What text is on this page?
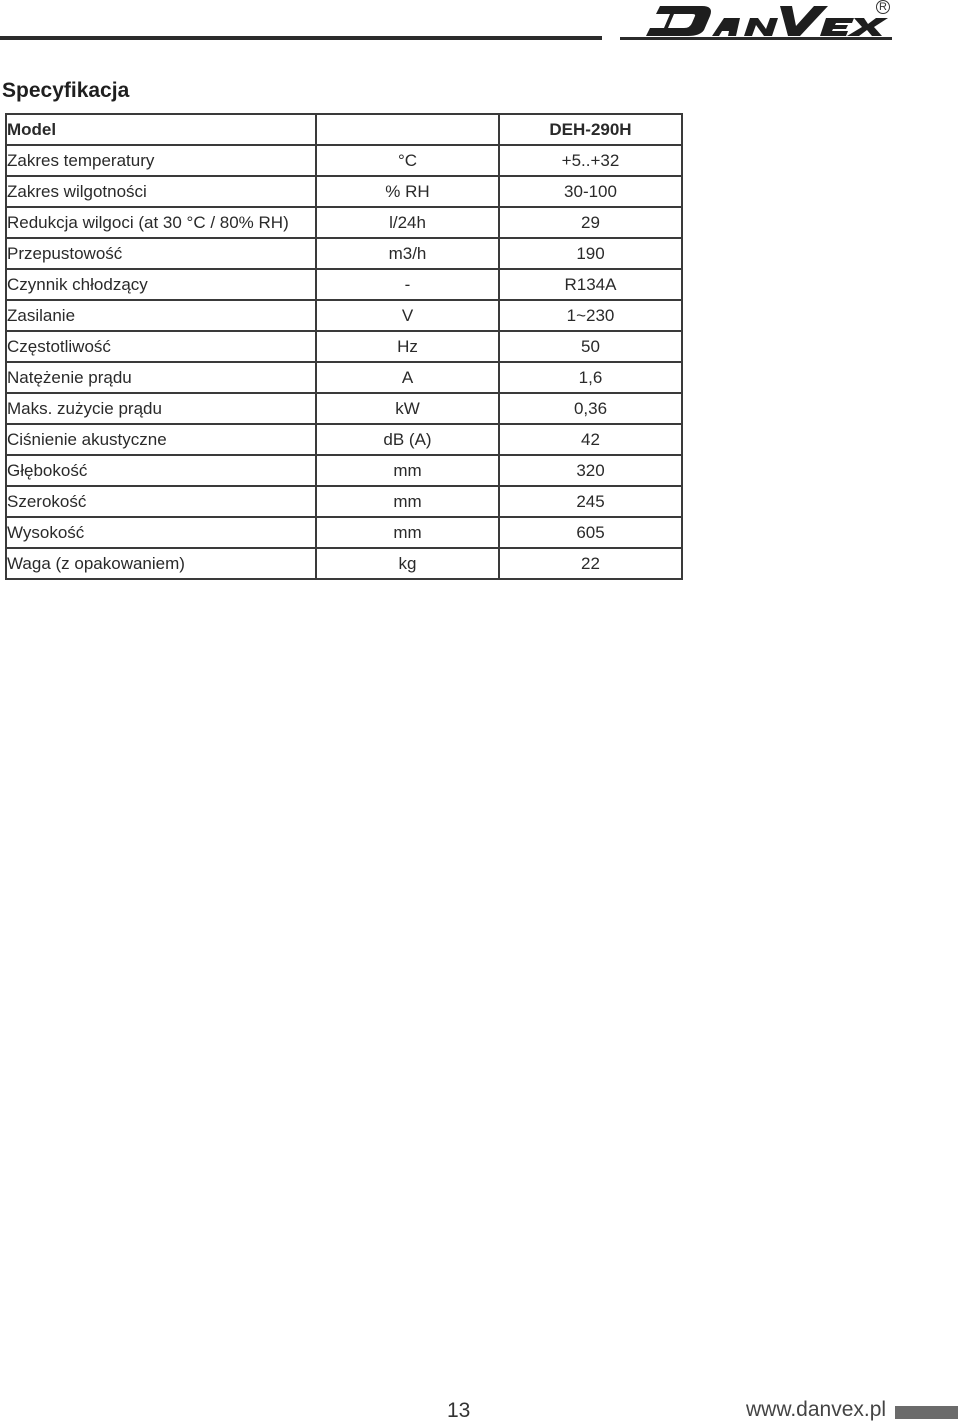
R
Specyfikacja
Model		DEH-290H
Zakres temperatury	°C	+5..+32
Zakres wilgotności	% RH	30-100
Redukcja wilgoci (at 30 °C / 80% RH)	l/24h	29
Przepustowość	m3/h	190
Czynnik chłodzący	-	R134A
Zasilanie	V	1~230
Częstotliwość	Hz	50
Natężenie prądu	A	1,6
Maks. zużycie prądu	kW	0,36
Ciśnienie akustyczne	dB (A)	42
Głębokość	mm	320
Szerokość	mm	245
Wysokość	mm	605
Waga (z opakowaniem)	kg	22
13	www.danvex.pl
